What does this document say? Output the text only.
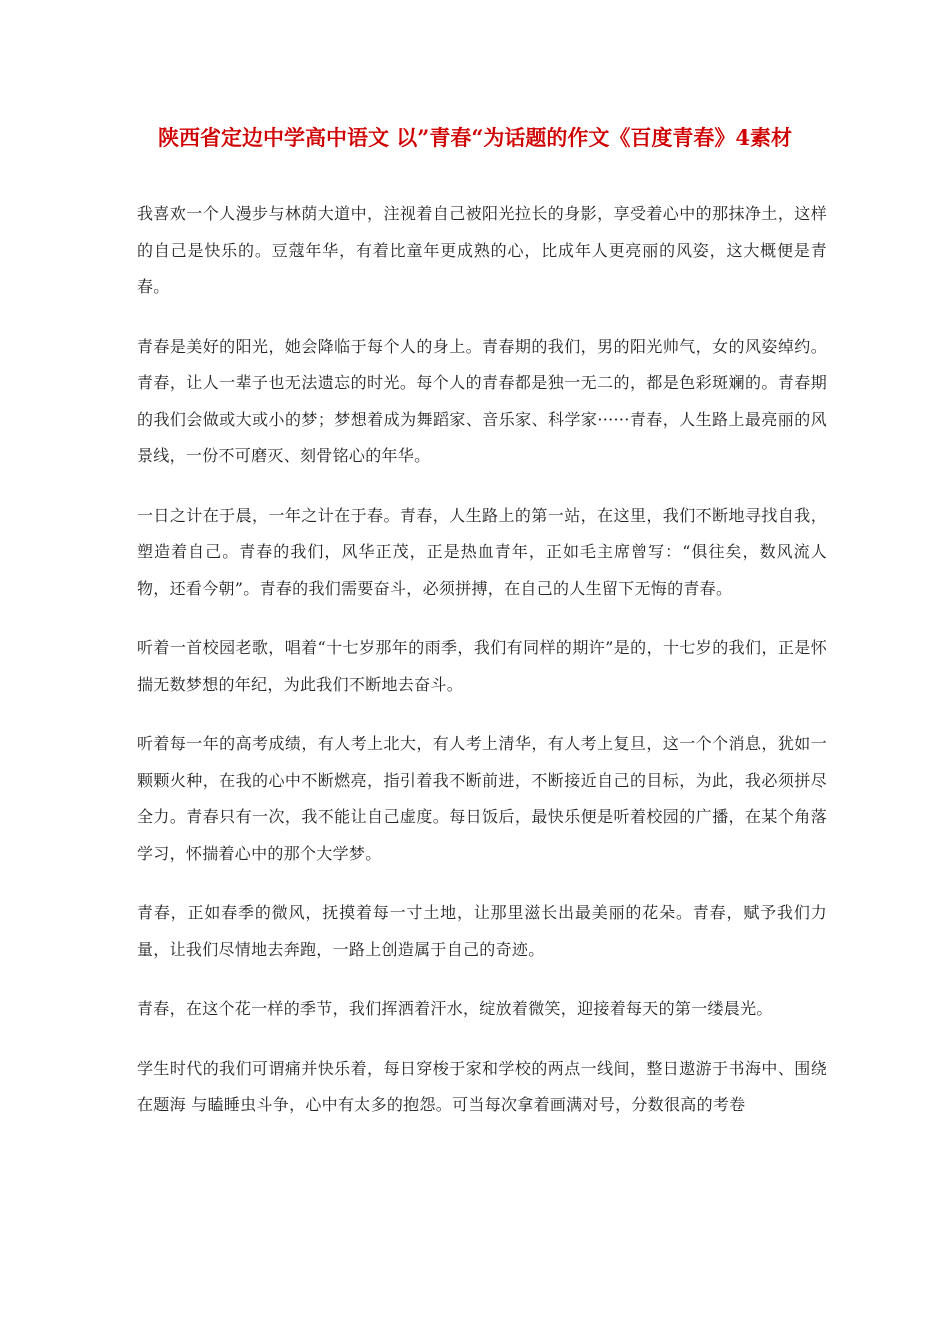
陕西省定边中学高中语文 以”青春“为话题的作文《百度青春》4素材

我喜欢一个人漫步与林荫大道中，注视着自己被阳光拉长的身影，享受着心中的那抹净土，这样的自己是快乐的。豆蔻年华，有着比童年更成熟的心，比成年人更亮丽的风姿，这大概便是青春。

青春是美好的阳光，她会降临于每个人的身上。青春期的我们，男的阳光帅气，女的风姿绰约。青春，让人一辈子也无法遗忘的时光。每个人的青春都是独一无二的，都是色彩斑斓的。青春期的我们会做或大或小的梦；梦想着成为舞蹈家、音乐家、科学家······青春，人生路上最亮丽的风景线，一份不可磨灭、刻骨铭心的年华。

一日之计在于晨，一年之计在于春。青春，人生路上的第一站，在这里，我们不断地寻找自我，塑造着自己。青春的我们，风华正茂，正是热血青年，正如毛主席曾写：“俱往矣，数风流人物，还看今朝”。青春的我们需要奋斗，必须拼搏，在自己的人生留下无悔的青春。

听着一首校园老歌，唱着“十七岁那年的雨季，我们有同样的期许”是的，十七岁的我们，正是怀揣无数梦想的年纪，为此我们不断地去奋斗。

听着每一年的高考成绩，有人考上北大，有人考上清华，有人考上复旦，这一个个消息，犹如一颗颗火种，在我的心中不断燃亮，指引着我不断前进，不断接近自己的目标，为此，我必须拼尽全力。青春只有一次，我不能让自己虚度。每日饭后，最快乐便是听着校园的广播，在某个角落学习，怀揣着心中的那个大学梦。

青春，正如春季的微风，抚摸着每一寸土地，让那里滋长出最美丽的花朵。青春，赋予我们力量，让我们尽情地去奔跑，一路上创造属于自己的奇迹。

青春，在这个花一样的季节，我们挥洒着汗水，绽放着微笑，迎接着每天的第一缕晨光。

学生时代的我们可谓痛并快乐着，每日穿梭于家和学校的两点一线间，整日遨游于书海中、围绕在题海 与瞌睡虫斗争，心中有太多的抱怨。可当每次拿着画满对号，分数很高的考卷
